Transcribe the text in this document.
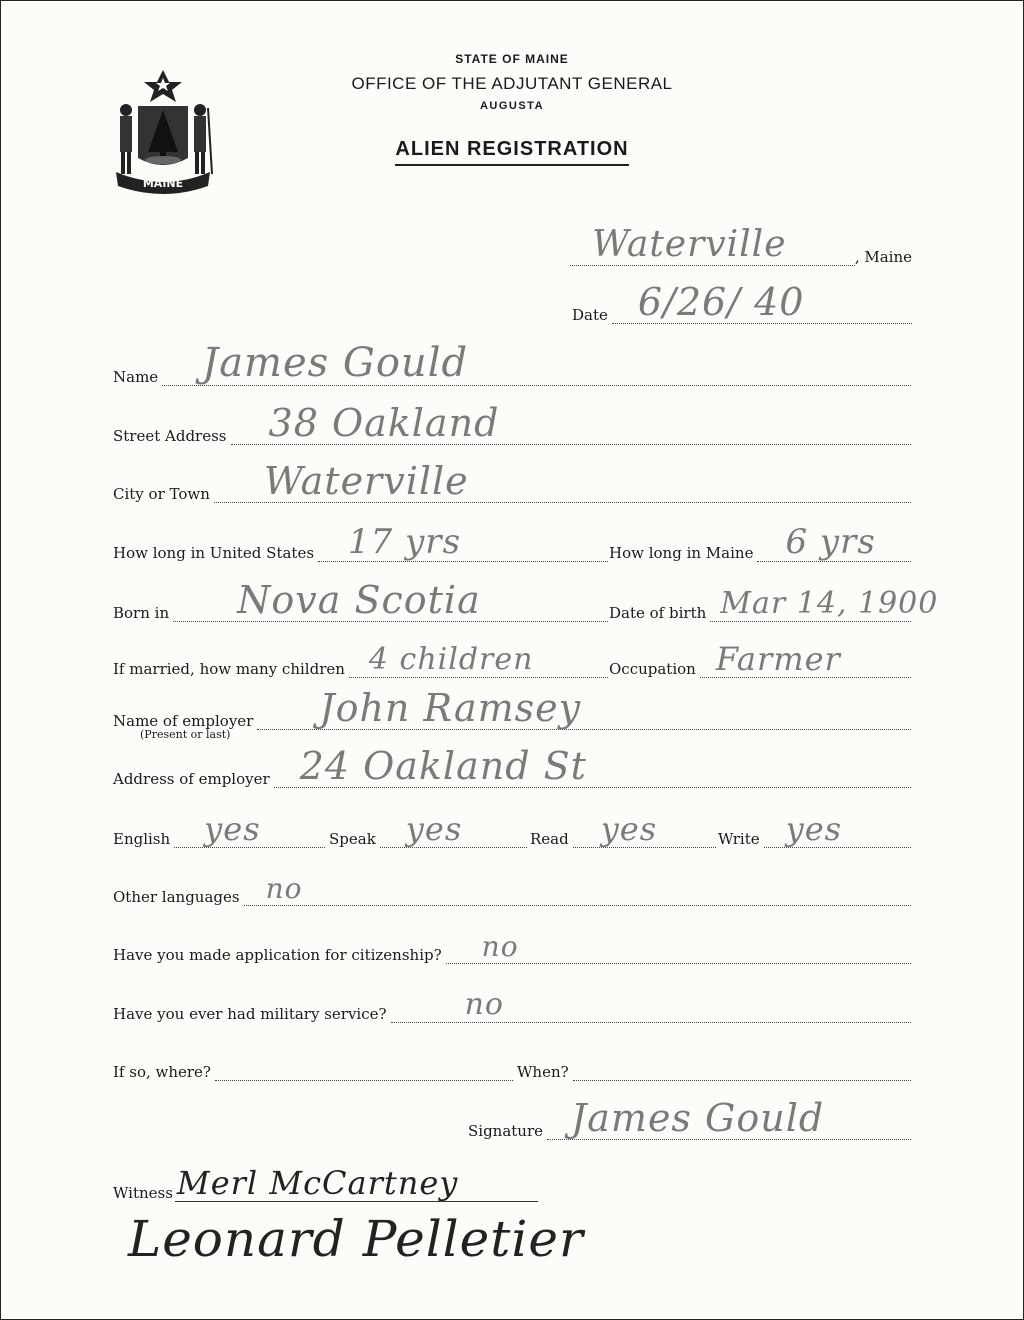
MAINE
STATE OF MAINE
OFFICE OF THE ADJUTANT GENERAL
AUGUSTA
ALIEN REGISTRATION
Waterville	, Maine
Date 6/26/ 40
Name James Gould
Street Address 38 Oakland
City or Town Waterville
How long in United States 17 yrs	How long in Maine 6 yrs
Born in Nova Scotia	Date of birth Mar 14, 1900
If married, how many children 4 children	Occupation Farmer
Name of employer John Ramsey
(Present or last)
Address of employer 24 Oakland St
English yes	Speak yes	Read yes	Write yes
Other languages no
Have you made application for citizenship? no
Have you ever had military service?	no
If so, where?	When?
Signature James Gould
Witness Merl McCartney
Leonard Pelletier
